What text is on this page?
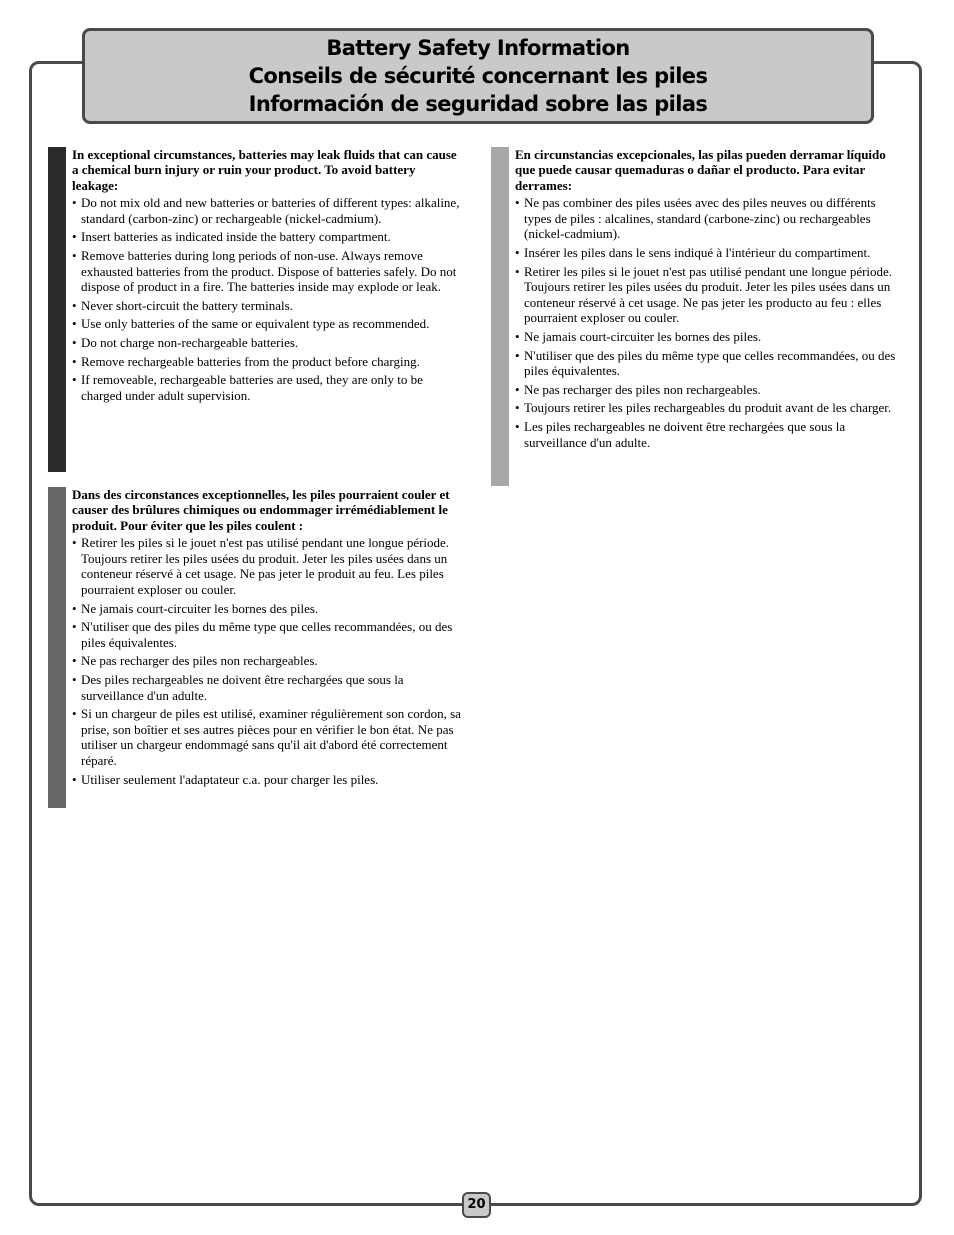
Battery Safety Information
Conseils de sécurité concernant les piles
Información de seguridad sobre las pilas

In exceptional circumstances, batteries may leak fluids that can cause a chemical burn injury or ruin your product. To avoid battery leakage:

• Do not mix old and new batteries or batteries of different types: alkaline, standard (carbon-zinc) or rechargeable (nickel-cadmium).
• Insert batteries as indicated inside the battery compartment.
• Remove batteries during long periods of non-use. Always remove exhausted batteries from the product. Dispose of batteries safely. Do not dispose of product in a fire. The batteries inside may explode or leak.
• Never short-circuit the battery terminals.
• Use only batteries of the same or equivalent type as recommended.
• Do not charge non-rechargeable batteries.
• Remove rechargeable batteries from the product before charging.
• If removeable, rechargeable batteries are used, they are only to be charged under adult supervision.

Dans des circonstances exceptionnelles, les piles pourraient couler et causer des brûlures chimiques ou endommager irrémédiablement le produit. Pour éviter que les piles coulent :

• Retirer les piles si le jouet n'est pas utilisé pendant une longue période. Toujours retirer les piles usées du produit. Jeter les piles usées dans un conteneur réservé à cet usage. Ne pas jeter le produit au feu. Les piles pourraient exploser ou couler.
• Ne jamais court-circuiter les bornes des piles.
• N'utiliser que des piles du même type que celles recommandées, ou des piles équivalentes.
• Ne pas recharger des piles non rechargeables.
• Des piles rechargeables ne doivent être rechargées que sous la surveillance d'un adulte.
• Si un chargeur de piles est utilisé, examiner régulièrement son cordon, sa prise, son boîtier et ses autres pièces pour en vérifier le bon état. Ne pas utiliser un chargeur endommagé sans qu'il ait d'abord été correctement réparé.
• Utiliser seulement l'adaptateur c.a. pour charger les piles.

En circunstancias excepcionales, las pilas pueden derramar líquido que puede causar quemaduras o dañar el producto. Para evitar derrames:

• Ne pas combiner des piles usées avec des piles neuves ou différents types de piles : alcalines, standard (carbone-zinc) ou rechargeables (nickel-cadmium).
• Insérer les piles dans le sens indiqué à l'intérieur du compartiment.
• Retirer les piles si le jouet n'est pas utilisé pendant une longue période. Toujours retirer les piles usées du produit. Jeter les piles usées dans un conteneur réservé à cet usage. Ne pas jeter les producto au feu : elles pourraient exploser ou couler.
• Ne jamais court-circuiter les bornes des piles.
• N'utiliser que des piles du même type que celles recommandées, ou des piles équivalentes.
• Ne pas recharger des piles non rechargeables.
• Toujours retirer les piles rechargeables du produit avant de les charger.
• Les piles rechargeables ne doivent être rechargées que sous la surveillance d'un adulte.
20
